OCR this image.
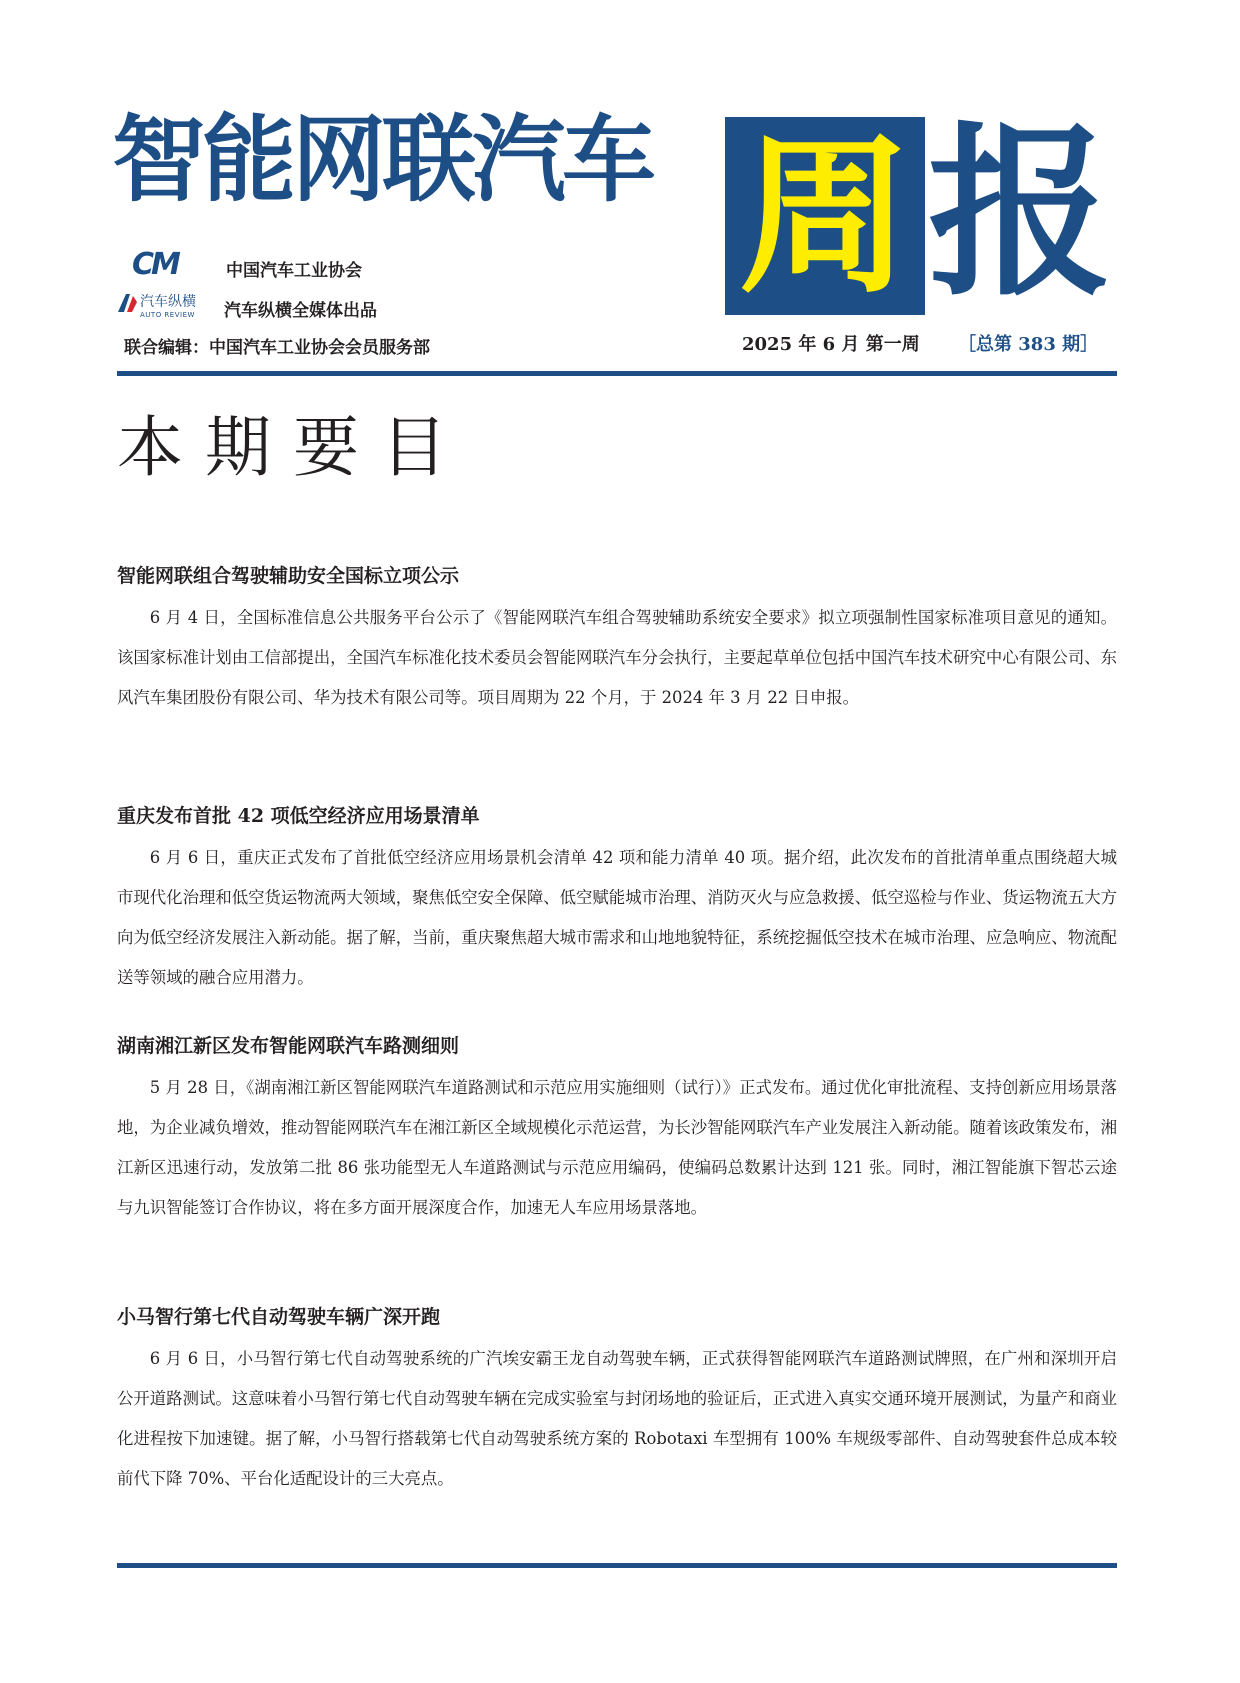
智能网联汽车 周 报
CM	中国汽车工业协会
汽车纵横
AUTO REVIEW 汽车纵横全媒体出品
联合编辑：中国汽车工业协会会员服务部	2025 年 6 月 第一周 ［总第 383 期］
本期要目
智能网联组合驾驶辅助安全国标立项公示

6 月 4 日，全国标准信息公共服务平台公示了《智能网联汽车组合驾驶辅助系统安全要求》拟立项强制性国家标准项目意见的通知。该国家标准计划由工信部提出，全国汽车标准化技术委员会智能网联汽车分会执行，主要起草单位包括中国汽车技术研究中心有限公司、东风汽车集团股份有限公司、华为技术有限公司等。项目周期为 22 个月，于 2024 年 3 月 22 日申报。

重庆发布首批 42 项低空经济应用场景清单

6 月 6 日，重庆正式发布了首批低空经济应用场景机会清单 42 项和能力清单 40 项。据介绍，此次发布的首批清单重点围绕超大城市现代化治理和低空货运物流两大领域，聚焦低空安全保障、低空赋能城市治理、消防灭火与应急救援、低空巡检与作业、货运物流五大方向为低空经济发展注入新动能。据了解，当前，重庆聚焦超大城市需求和山地地貌特征，系统挖掘低空技术在城市治理、应急响应、物流配送等领域的融合应用潜力。

湖南湘江新区发布智能网联汽车路测细则

5 月 28 日，《湖南湘江新区智能网联汽车道路测试和示范应用实施细则（试行）》正式发布。通过优化审批流程、支持创新应用场景落地，为企业减负增效，推动智能网联汽车在湘江新区全域规模化示范运营，为长沙智能网联汽车产业发展注入新动能。随着该政策发布，湘江新区迅速行动，发放第二批 86 张功能型无人车道路测试与示范应用编码，使编码总数累计达到 121 张。同时，湘江智能旗下智芯云途与九识智能签订合作协议，将在多方面开展深度合作，加速无人车应用场景落地。

小马智行第七代自动驾驶车辆广深开跑

6 月 6 日，小马智行第七代自动驾驶系统的广汽埃安霸王龙自动驾驶车辆，正式获得智能网联汽车道路测试牌照，在广州和深圳开启公开道路测试。这意味着小马智行第七代自动驾驶车辆在完成实验室与封闭场地的验证后，正式进入真实交通环境开展测试，为量产和商业化进程按下加速键。据了解，小马智行搭载第七代自动驾驶系统方案的 Robotaxi 车型拥有 100% 车规级零部件、自动驾驶套件总成本较前代下降 70%、平台化适配设计的三大亮点。
